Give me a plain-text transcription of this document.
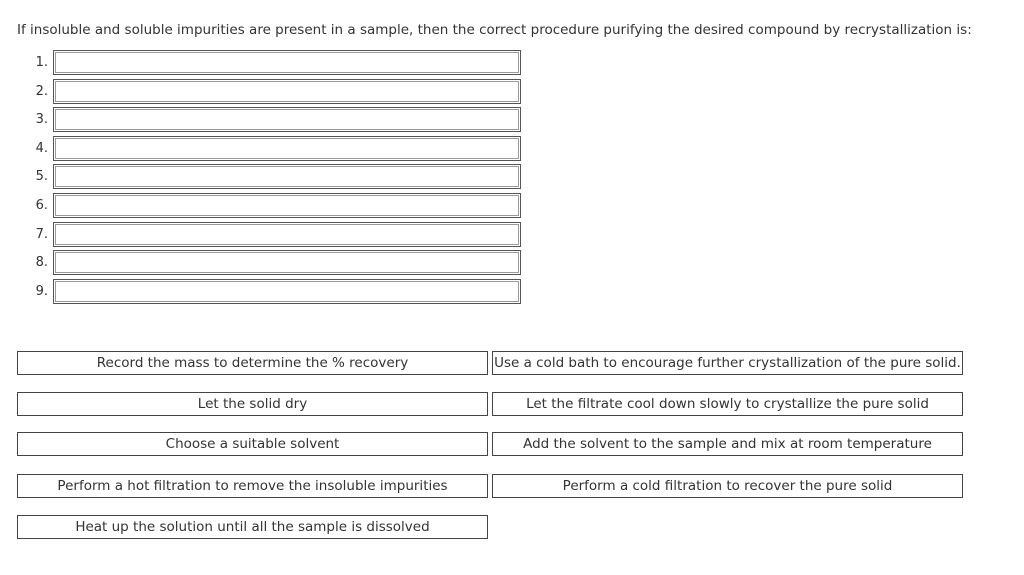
If insoluble and soluble impurities are present in a sample, then the correct procedure purifying the desired compound by recrystallization is:
1.
2.
3.
4.
5.
6.
7.
8.
9.
Record the mass to determine the % recovery
Let the solid dry
Choose a suitable solvent
Perform a hot filtration to remove the insoluble impurities
Heat up the solution until all the sample is dissolved
Use a cold bath to encourage further crystallization of the pure solid.
Let the filtrate cool down slowly to crystallize the pure solid
Add the solvent to the sample and mix at room temperature
Perform a cold filtration to recover the pure solid
